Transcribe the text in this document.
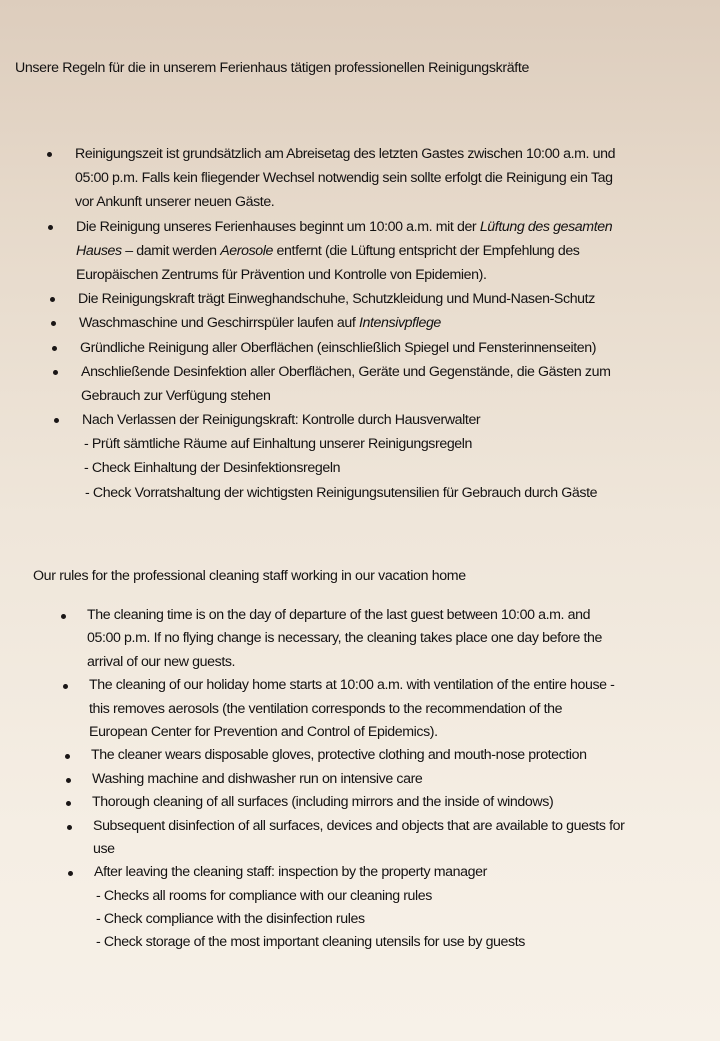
Unsere Regeln für die in unserem Ferienhaus tätigen professionellen Reinigungskräfte
Reinigungszeit ist grundsätzlich am Abreisetag des letzten Gastes zwischen 10:00 a.m. und
05:00 p.m. Falls kein fliegender Wechsel notwendig sein sollte erfolgt die Reinigung ein Tag
vor Ankunft unserer neuen Gäste.
Die Reinigung unseres Ferienhauses beginnt um 10:00 a.m. mit der Lüftung des gesamten
Hauses – damit werden Aerosole entfernt (die Lüftung entspricht der Empfehlung des
Europäischen Zentrums für Prävention und Kontrolle von Epidemien).
Die Reinigungskraft trägt Einweghandschuhe, Schutzkleidung und Mund-Nasen-Schutz
Waschmaschine und Geschirrspüler laufen auf Intensivpflege
Gründliche Reinigung aller Oberflächen (einschließlich Spiegel und Fensterinnenseiten)
Anschließende Desinfektion aller Oberflächen, Geräte und Gegenstände, die Gästen zum
Gebrauch zur Verfügung stehen
Nach Verlassen der Reinigungskraft: Kontrolle durch Hausverwalter
- Prüft sämtliche Räume auf Einhaltung unserer Reinigungsregeln
- Check Einhaltung der Desinfektionsregeln
- Check Vorratshaltung der wichtigsten Reinigungsutensilien für Gebrauch durch Gäste
Our rules for the professional cleaning staff working in our vacation home
The cleaning time is on the day of departure of the last guest between 10:00 a.m. and
05:00 p.m. If no flying change is necessary, the cleaning takes place one day before the
arrival of our new guests.
The cleaning of our holiday home starts at 10:00 a.m. with ventilation of the entire house -
this removes aerosols (the ventilation corresponds to the recommendation of the
European Center for Prevention and Control of Epidemics).
The cleaner wears disposable gloves, protective clothing and mouth-nose protection
Washing machine and dishwasher run on intensive care
Thorough cleaning of all surfaces (including mirrors and the inside of windows)
Subsequent disinfection of all surfaces, devices and objects that are available to guests for
use
After leaving the cleaning staff: inspection by the property manager
- Checks all rooms for compliance with our cleaning rules
- Check compliance with the disinfection rules
- Check storage of the most important cleaning utensils for use by guests
